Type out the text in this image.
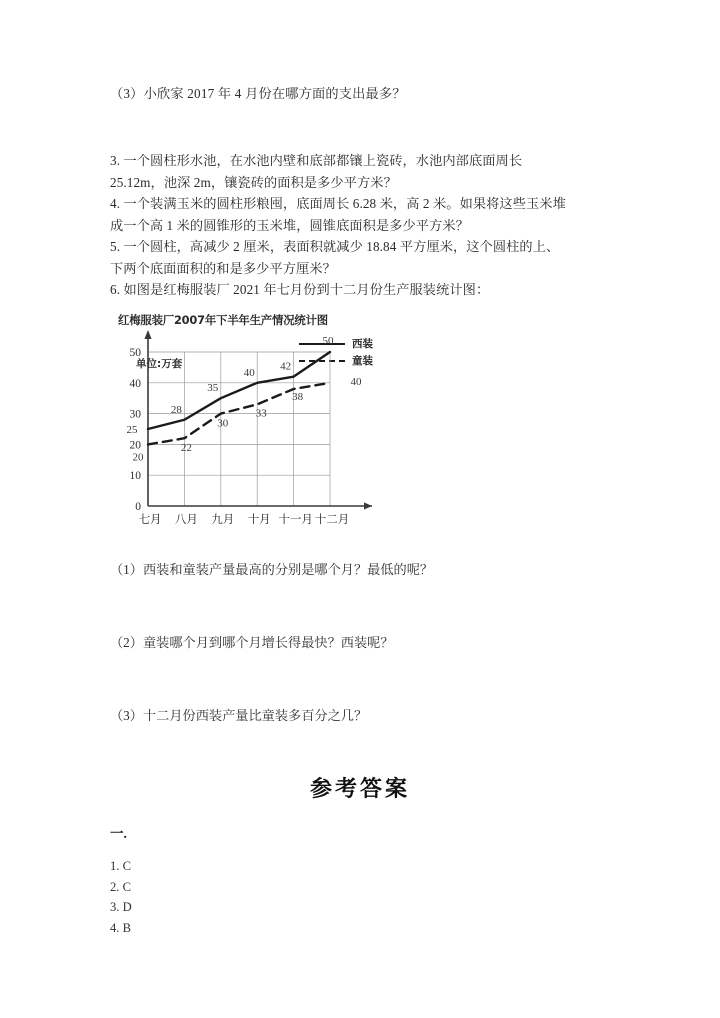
（3）小欣家 2017 年 4 月份在哪方面的支出最多？
3. 一个圆柱形水池，在水池内壁和底部都镶上瓷砖，水池内部底面周长
25.12m，池深 2m，镶瓷砖的面积是多少平方米？
4. 一个装满玉米的圆柱形粮囤，底面周长 6.28 米，高 2 米。如果将这些玉米堆
成一个高 1 米的圆锥形的玉米堆，圆锥底面积是多少平方米？
5. 一个圆柱，高减少 2 厘米，表面积就减少 18.84 平方厘米，这个圆柱的上、
下两个底面面积的和是多少平方厘米？
6. 如图是红梅服装厂 2021 年七月份到十二月份生产服装统计图：
红梅服装厂2007年下半年生产情况统计图
西装
童装
单位:万套
0
10
20
30
40
50
七月 八月 九月 十月 十一月 十二月
25
28
35
40
42
50
20
22
30
33
38
40
（1）西装和童装产量最高的分别是哪个月？最低的呢？
（2）童装哪个月到哪个月增长得最快？西装呢？
（3）十二月份西装产量比童装多百分之几？
参考答案
一.
1. C
2. C
3. D
4. B
